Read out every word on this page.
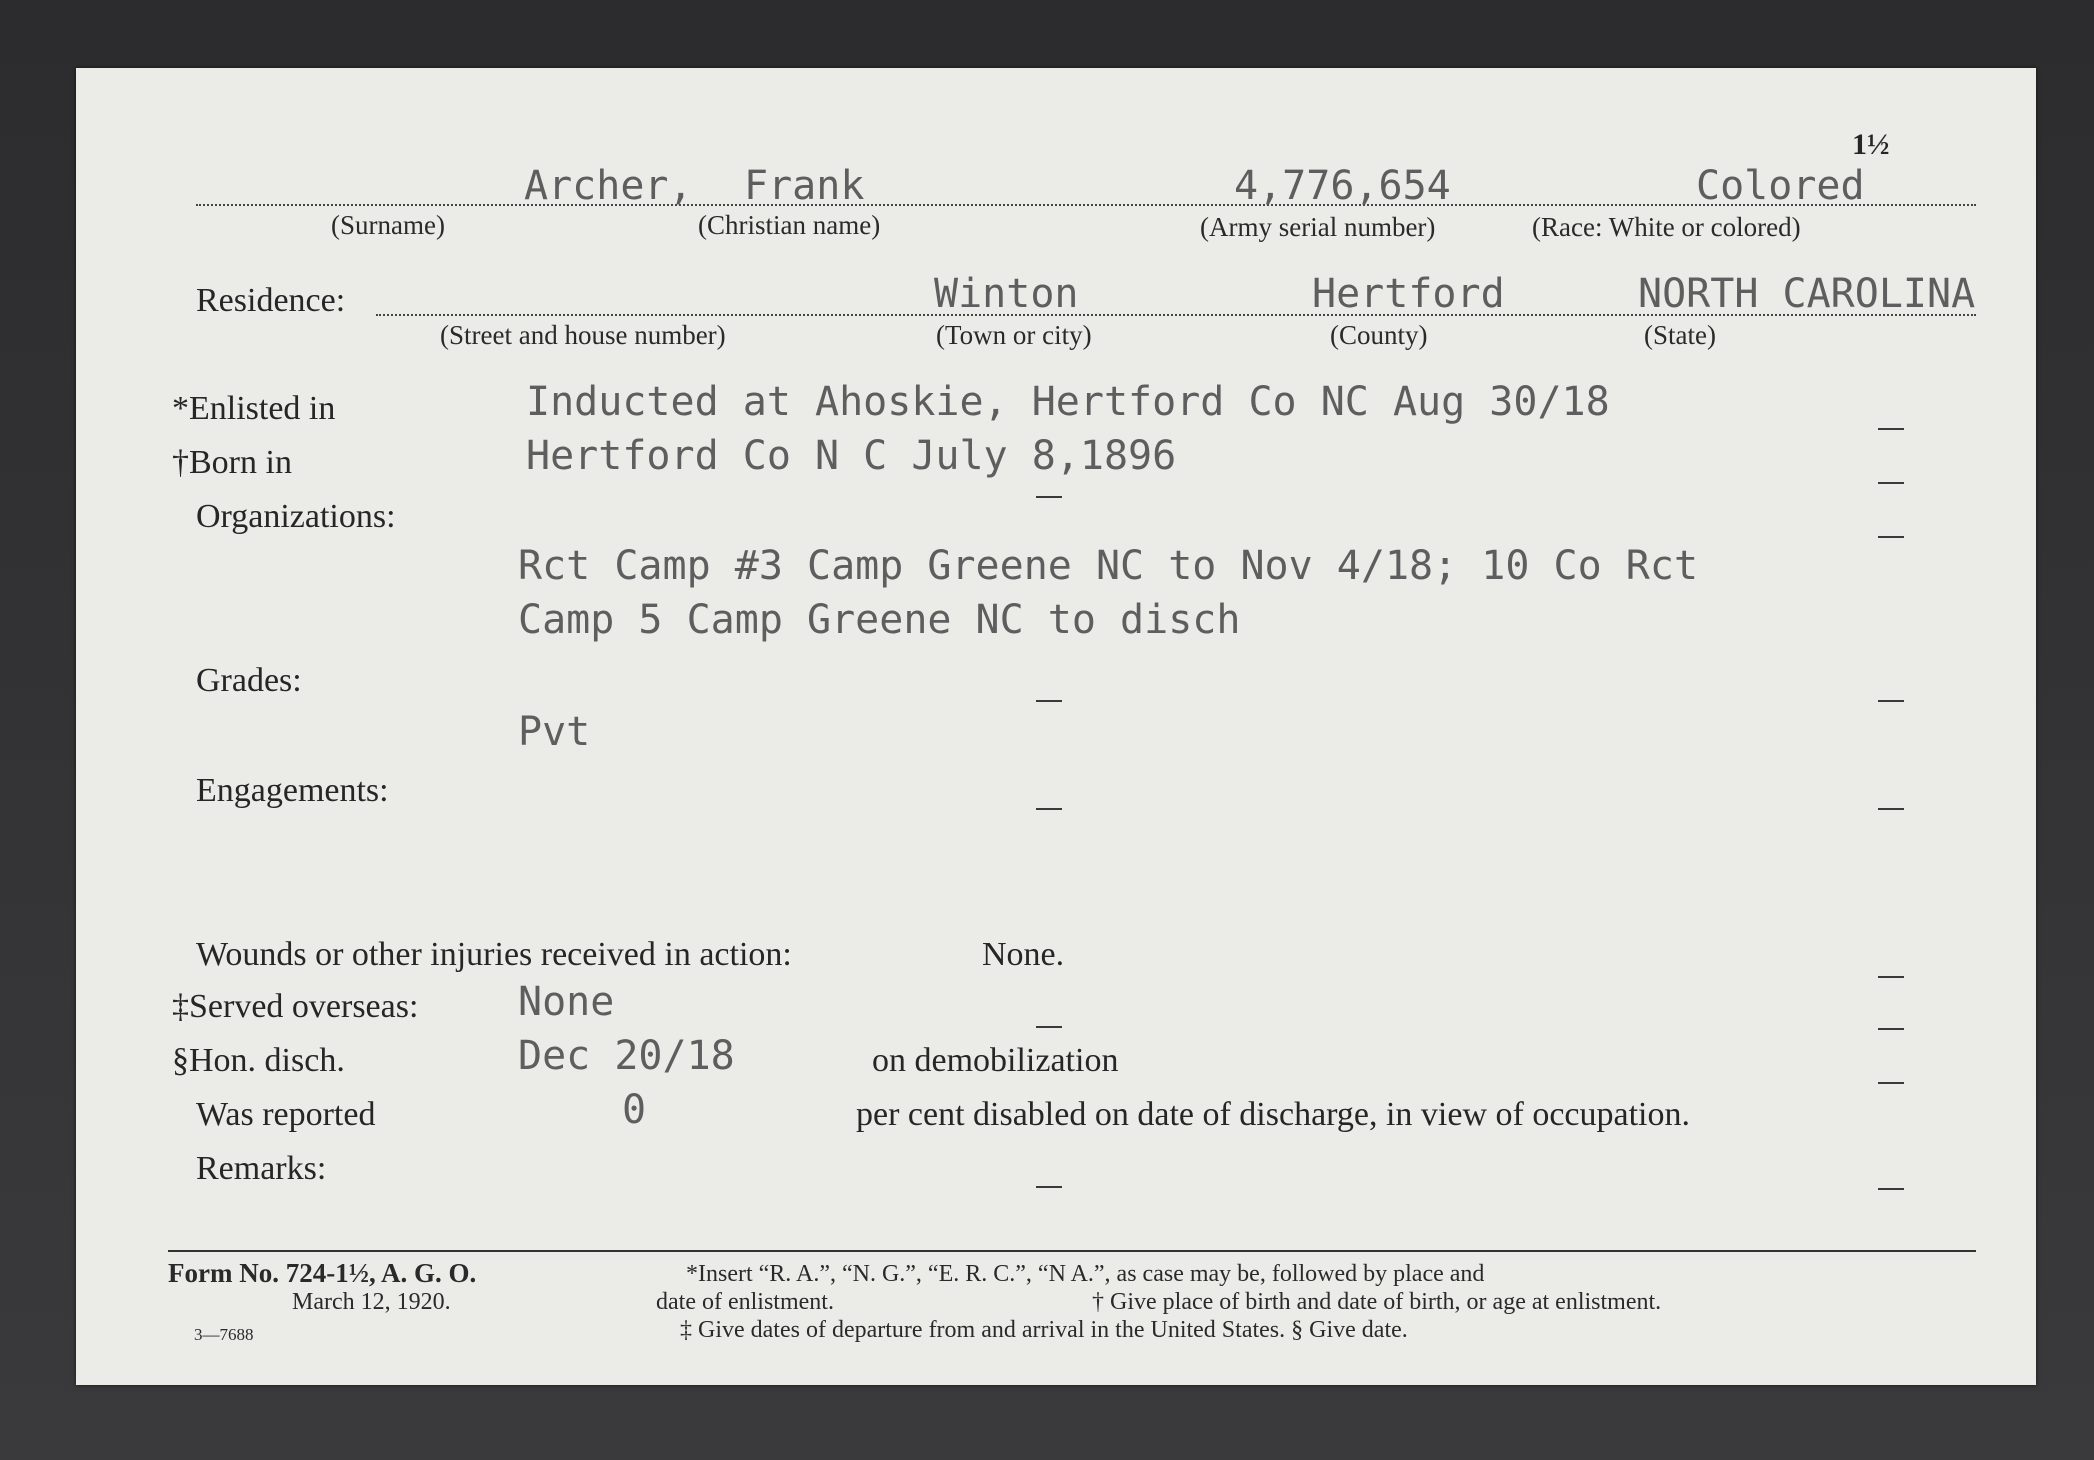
1½
Archer, Frank	4,776,654	Colored
(Surname)	(Christian name)	(Army serial number)	(Race: White or colored)
Residence:	Winton	Hertford	NORTH CAROLINA
(Street and house number)	(Town or city)	(County)	(State)
*Enlisted in	Inducted at Ahoskie, Hertford Co NC Aug 30/18
†Born in	Hertford Co N C July 8,1896
Organizations:
Rct Camp #3 Camp Greene NC to Nov 4/18; 10 Co Rct
Camp 5 Camp Greene NC to disch
Grades:
Pvt
Engagements:
Wounds or other injuries received in action:	None.
‡Served overseas: None
§Hon. disch.	Dec 20/18	on demobilization
Was reported	0	per cent disabled on date of discharge, in view of occupation.
Remarks:
Form No. 724-1½, A. G. O.
March 12, 1920.
3—7688
*Insert “R. A.”, “N. G.”, “E. R. C.”, “N A.”, as case may be, followed by place and
date of enlistment.	† Give place of birth and date of birth, or age at enlistment.
‡ Give dates of departure from and arrival in the United States. § Give date.
